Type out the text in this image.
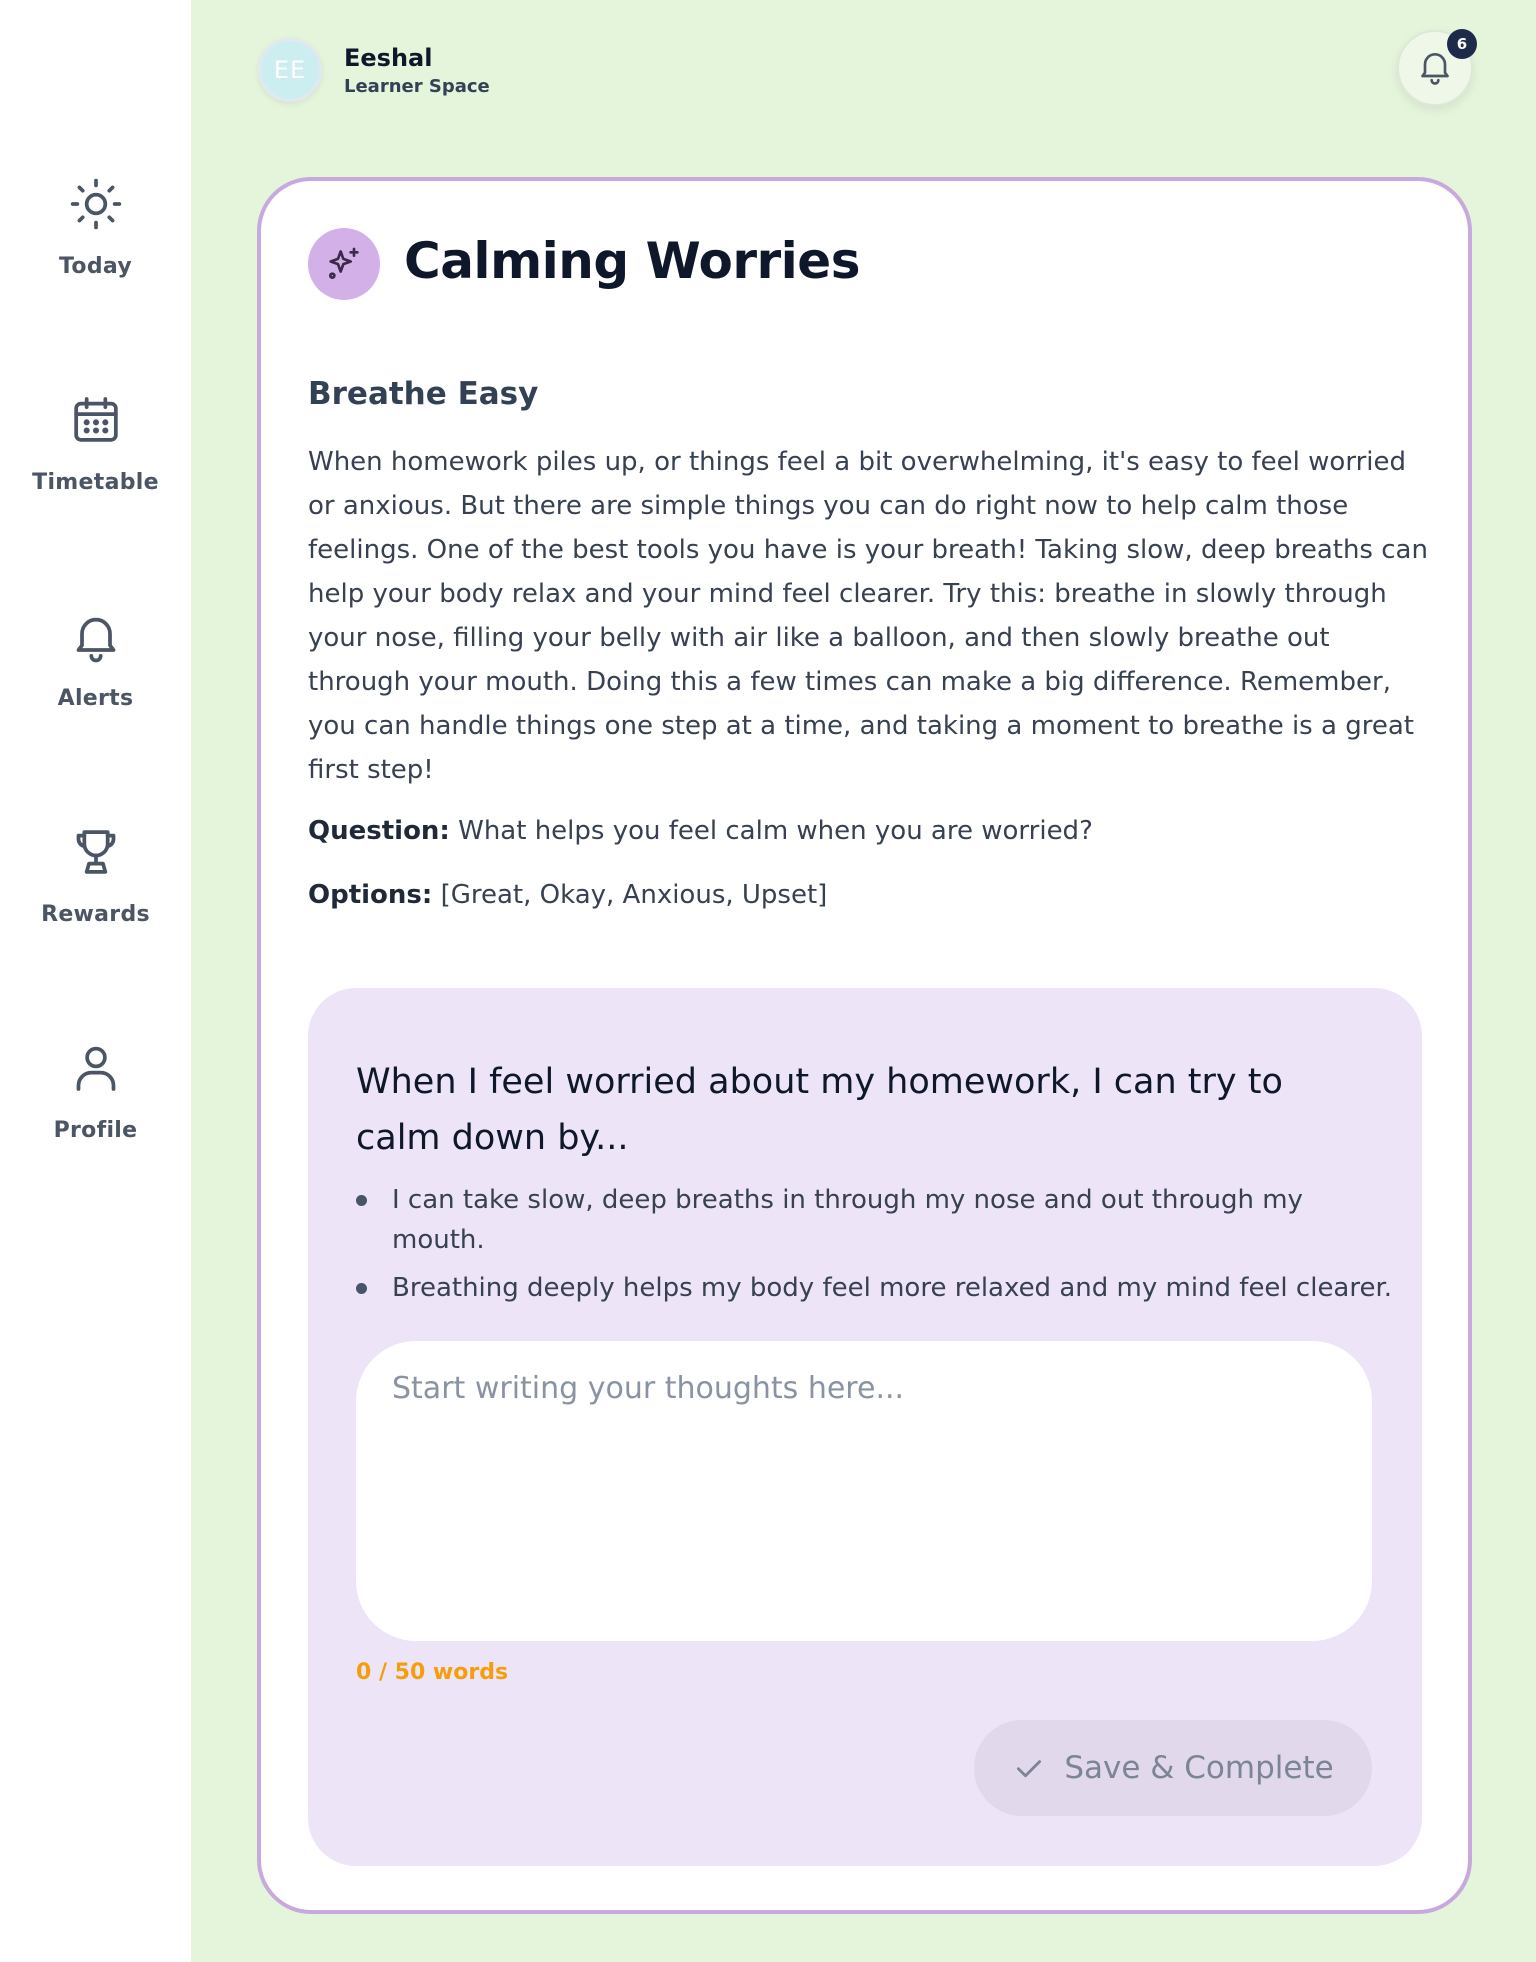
Today
Timetable
Alerts
Rewards
Profile
EE	Eeshal
Learner Space
6
Calming Worries
Breathe Easy

When homework piles up, or things feel a bit overwhelming, it's easy to feel worried or anxious. But there are simple things you can do right now to help calm those feelings. One of the best tools you have is your breath! Taking slow, deep breaths can help your body relax and your mind feel clearer. Try this: breathe in slowly through your nose, filling your belly with air like a balloon, and then slowly breathe out through your mouth. Doing this a few times can make a big difference. Remember, you can handle things one step at a time, and taking a moment to breathe is a great first step!

Question: What helps you feel calm when you are worried?
Options: [Great, Okay, Anxious, Upset]

When I feel worried about my homework, I can try to calm down by...

I can take slow, deep breaths in through my nose and out through my mouth.
Breathing deeply helps my body feel more relaxed and my mind feel clearer.
Start writing your thoughts here...
0 / 50 words
Save & Complete
